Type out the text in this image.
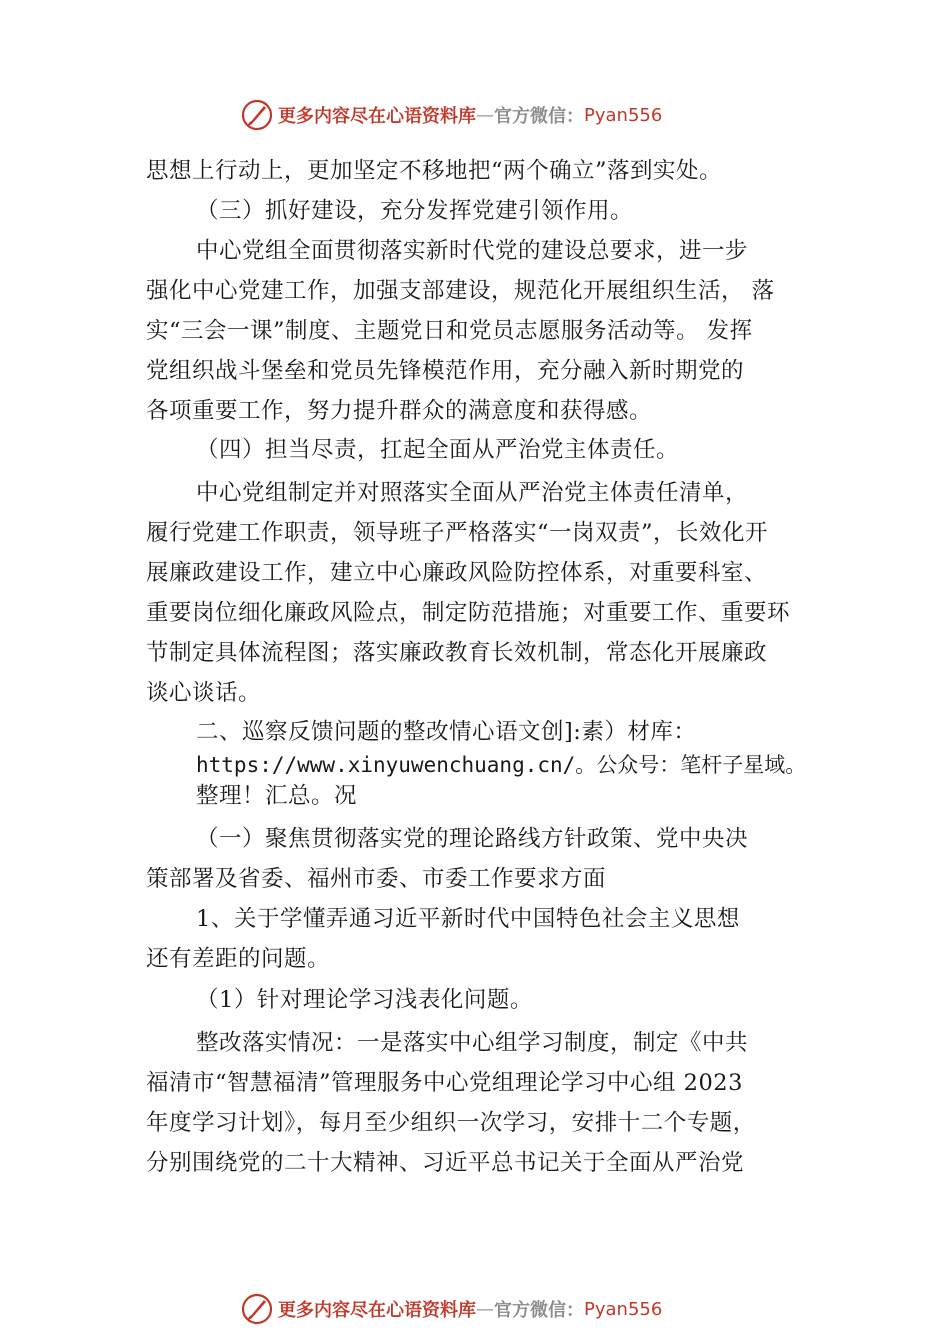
更多内容尽在心语资料库 — 官方微信： Pyan556
思想上行动上，更加坚定不移地把“两个确立”落到实处。
（三）抓好建设，充分发挥党建引领作用。
中心党组全面贯彻落实新时代党的建设总要求，进一步
强化中心党建工作，加强支部建设，规范化开展组织生活， 落
实“三会一课”制度、主题党日和党员志愿服务活动等。 发挥
党组织战斗堡垒和党员先锋模范作用，充分融入新时期党的
各项重要工作，努力提升群众的满意度和获得感。
（四）担当尽责，扛起全面从严治党主体责任。
中心党组制定并对照落实全面从严治党主体责任清单，
履行党建工作职责，领导班子严格落实“一岗双责”，长效化开
展廉政建设工作，建立中心廉政风险防控体系，对重要科室、
重要岗位细化廉政风险点，制定防范措施；对重要工作、重要环
节制定具体流程图；落实廉政教育长效机制，常态化开展廉政
谈心谈话。
二、巡察反馈问题的整改情心语文创]:素）材库：
https://www.xinyuwenchuang.cn/。公众号：笔杆子星域。
整理！汇总。况
（一）聚焦贯彻落实党的理论路线方针政策、党中央决
策部署及省委、福州市委、市委工作要求方面
1、关于学懂弄通习近平新时代中国特色社会主义思想
还有差距的问题。
（1）针对理论学习浅表化问题。
整改落实情况：一是落实中心组学习制度，制定《中共
福清市“智慧福清”管理服务中心党组理论学习中心组 2023
年度学习计划》，每月至少组织一次学习，安排十二个专题，
分别围绕党的二十大精神、习近平总书记关于全面从严治党
更多内容尽在心语资料库 — 官方微信： Pyan556
